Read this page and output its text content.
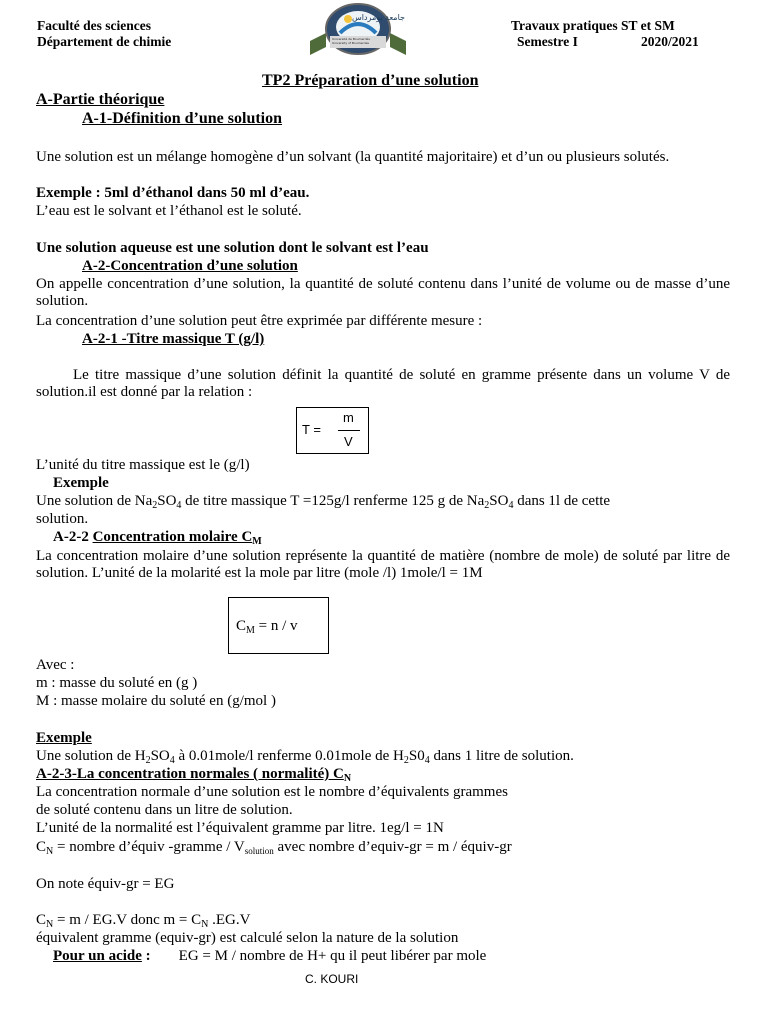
Faculté des sciences
Département de chimie
Travaux pratiques ST et SM
Semestre I	2020/2021
جامعة بومرداس
Université de Boumerdès University of Boumerdes
TP2 Préparation d’une solution
A-Partie théorique
A-1-Définition d’une solution

Une solution est un mélange homogène d’un solvant (la quantité majoritaire) et d’un ou plusieurs solutés.

Exemple : 5ml d’éthanol dans 50 ml d’eau.
L’eau est le solvant et l’éthanol est le soluté.
Une solution aqueuse est une solution dont le solvant est l’eau
A-2-Concentration d’une solution

On appelle concentration d’une solution, la quantité de soluté contenu dans l’unité de volume ou de masse d’une solution.

La concentration d’une solution peut être exprimée par différente mesure :
A-2-1 -Titre massique T (g/l)

Le titre massique d’une solution définit la quantité de soluté en gramme présente dans un volume V de solution.il est donné par la relation :

T =
m
V
L’unité du titre massique est le (g/l)
Exemple

Une solution de $Na_2SO_4$ de titre massique T =125g/l renferme 125 g de $Na_2SO_4$ dans 1l de cette

solution.
A-2-2 Concentration molaire $C_M$

La concentration molaire d’une solution représente la quantité de matière (nombre de mole) de soluté par litre de solution. L’unité de la molarité est la mole par litre (mole /l) 1mole/l = 1M

$C_M = n / v$
Avec :
m : masse du soluté en (g )
M : masse molaire du soluté en (g/mol )
Exemple
Une solution de $H_2SO_4$ à 0.01mole/l renferme 0.01mole de $H_2S0_4$ dans 1 litre de solution.
A-2-3-La concentration normales ( normalité) $C_N$
La concentration normale d’une solution est le nombre d’équivalents grammes
de soluté contenu dans un litre de solution.
L’unité de la normalité est l’équivalent gramme par litre. 1eg/l = 1N
$C_N$ = nombre d’équiv -gramme / $V_{solution}$ avec nombre d’equiv-gr = m / équiv-gr
On note équiv-gr = EG
$C_N = m / EG.V$ donc $m = C_N$ .EG.V
équivalent gramme (equiv-gr) est calculé selon la nature de la solution
Pour un acide : EG = M / nombre de H+ qu il peut libérer par mole
C. KOURI
